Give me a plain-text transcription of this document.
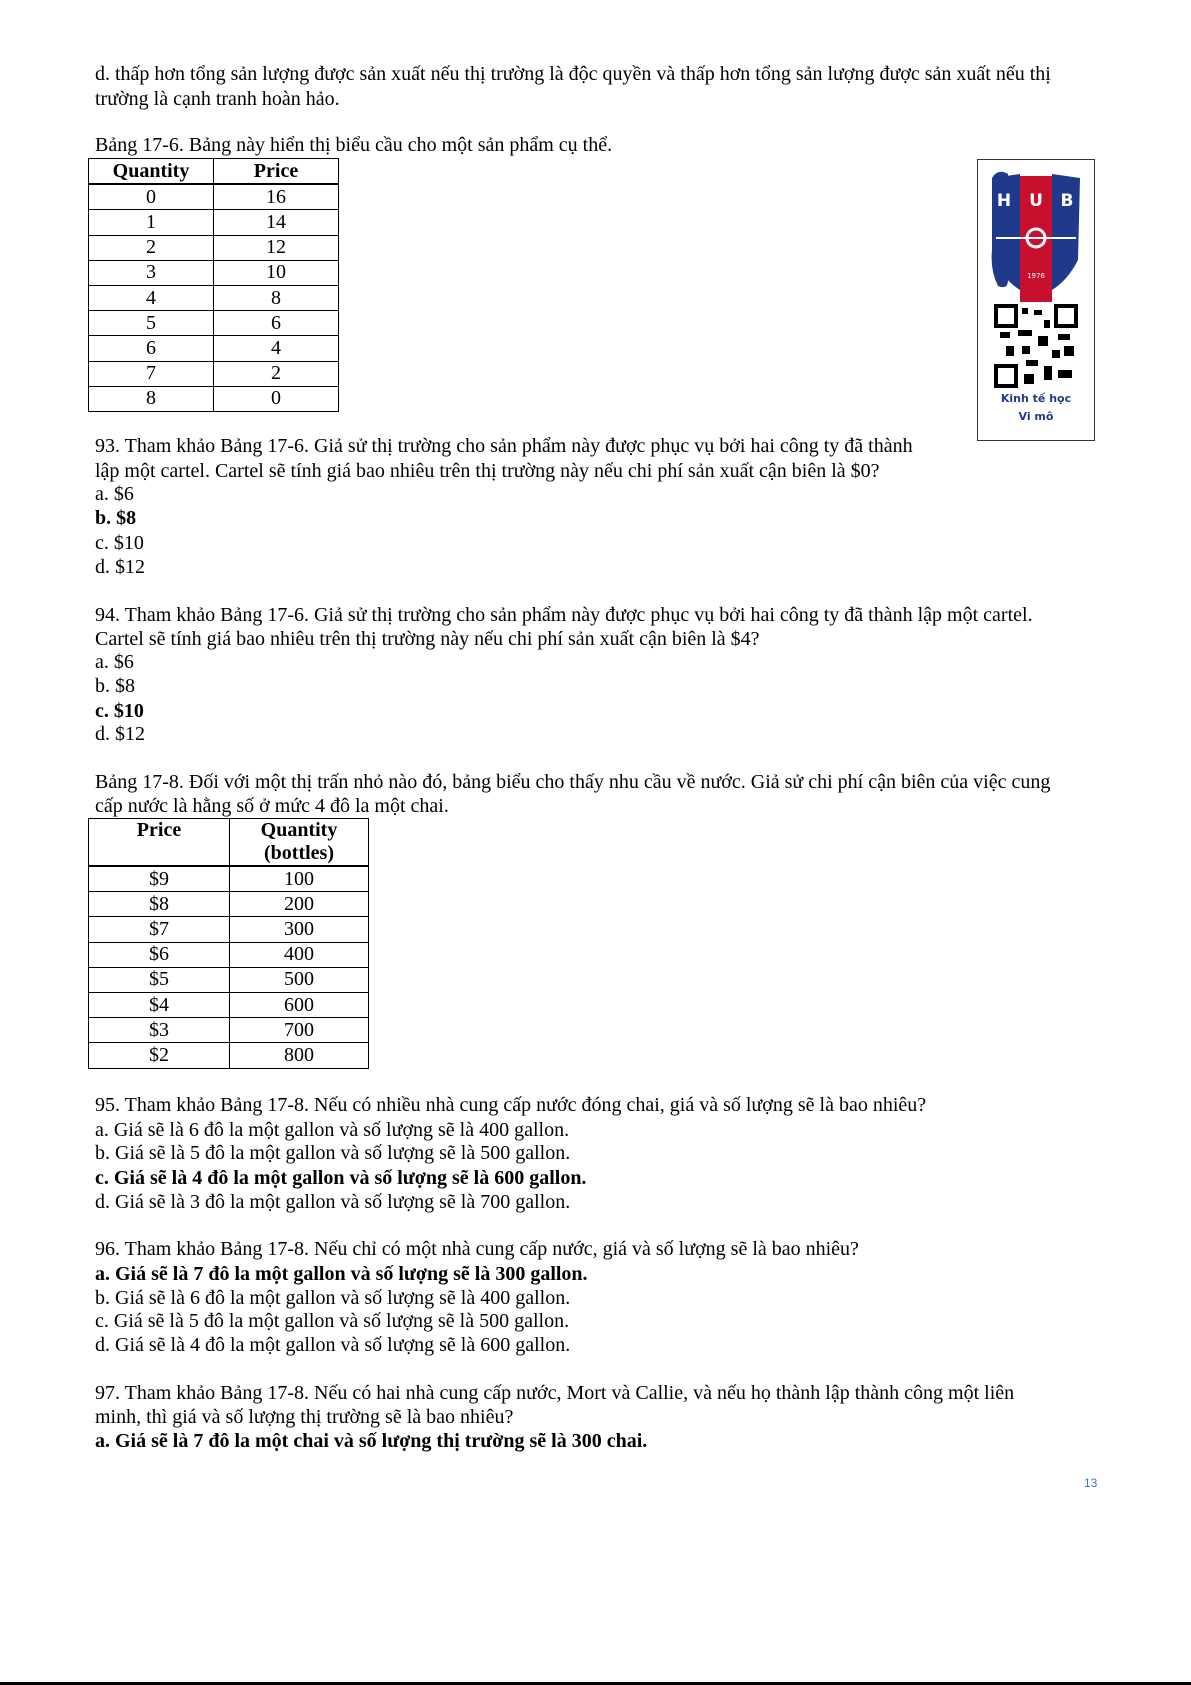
d. thấp hơn tổng sản lượng được sản xuất nếu thị trường là độc quyền và thấp hơn tổng sản lượng được sản xuất nếu thị
trường là cạnh tranh hoàn hảo.
Bảng 17-6. Bảng này hiển thị biểu cầu cho một sản phẩm cụ thể.
Quantity	Price
0	16
1	14
2	12
3	10
4	8
5	6
6	4
7	2
8	0
H U B
1976
Kinh tế học
Vi mô
93. Tham khảo Bảng 17-6. Giả sử thị trường cho sản phẩm này được phục vụ bởi hai công ty đã thành
lập một cartel. Cartel sẽ tính giá bao nhiêu trên thị trường này nếu chi phí sản xuất cận biên là $0?
a. $6
b. $8
c. $10
d. $12
94. Tham khảo Bảng 17-6. Giả sử thị trường cho sản phẩm này được phục vụ bởi hai công ty đã thành lập một cartel.
Cartel sẽ tính giá bao nhiêu trên thị trường này nếu chi phí sản xuất cận biên là $4?
a. $6
b. $8
c. $10
d. $12
95. Tham khảo Bảng 17-8. Nếu có nhiều nhà cung cấp nước đóng chai, giá và số lượng sẽ là bao nhiêu?
a. Giá sẽ là 6 đô la một gallon và số lượng sẽ là 400 gallon.
b. Giá sẽ là 5 đô la một gallon và số lượng sẽ là 500 gallon.
c. Giá sẽ là 4 đô la một gallon và số lượng sẽ là 600 gallon.
d. Giá sẽ là 3 đô la một gallon và số lượng sẽ là 700 gallon.
96. Tham khảo Bảng 17-8. Nếu chỉ có một nhà cung cấp nước, giá và số lượng sẽ là bao nhiêu?
a. Giá sẽ là 7 đô la một gallon và số lượng sẽ là 300 gallon.
b. Giá sẽ là 6 đô la một gallon và số lượng sẽ là 400 gallon.
c. Giá sẽ là 5 đô la một gallon và số lượng sẽ là 500 gallon.
d. Giá sẽ là 4 đô la một gallon và số lượng sẽ là 600 gallon.
97. Tham khảo Bảng 17-8. Nếu có hai nhà cung cấp nước, Mort và Callie, và nếu họ thành lập thành công một liên
minh, thì giá và số lượng thị trường sẽ là bao nhiêu?
a. Giá sẽ là 7 đô la một chai và số lượng thị trường sẽ là 300 chai.
Bảng 17-8. Đối với một thị trấn nhỏ nào đó, bảng biểu cho thấy nhu cầu về nước. Giả sử chi phí cận biên của việc cung
cấp nước là hằng số ở mức 4 đô la một chai.
Price	Quantity
(bottles)
$9	100
$8	200
$7	300
$6	400
$5	500
$4	600
$3	700
$2	800
13
